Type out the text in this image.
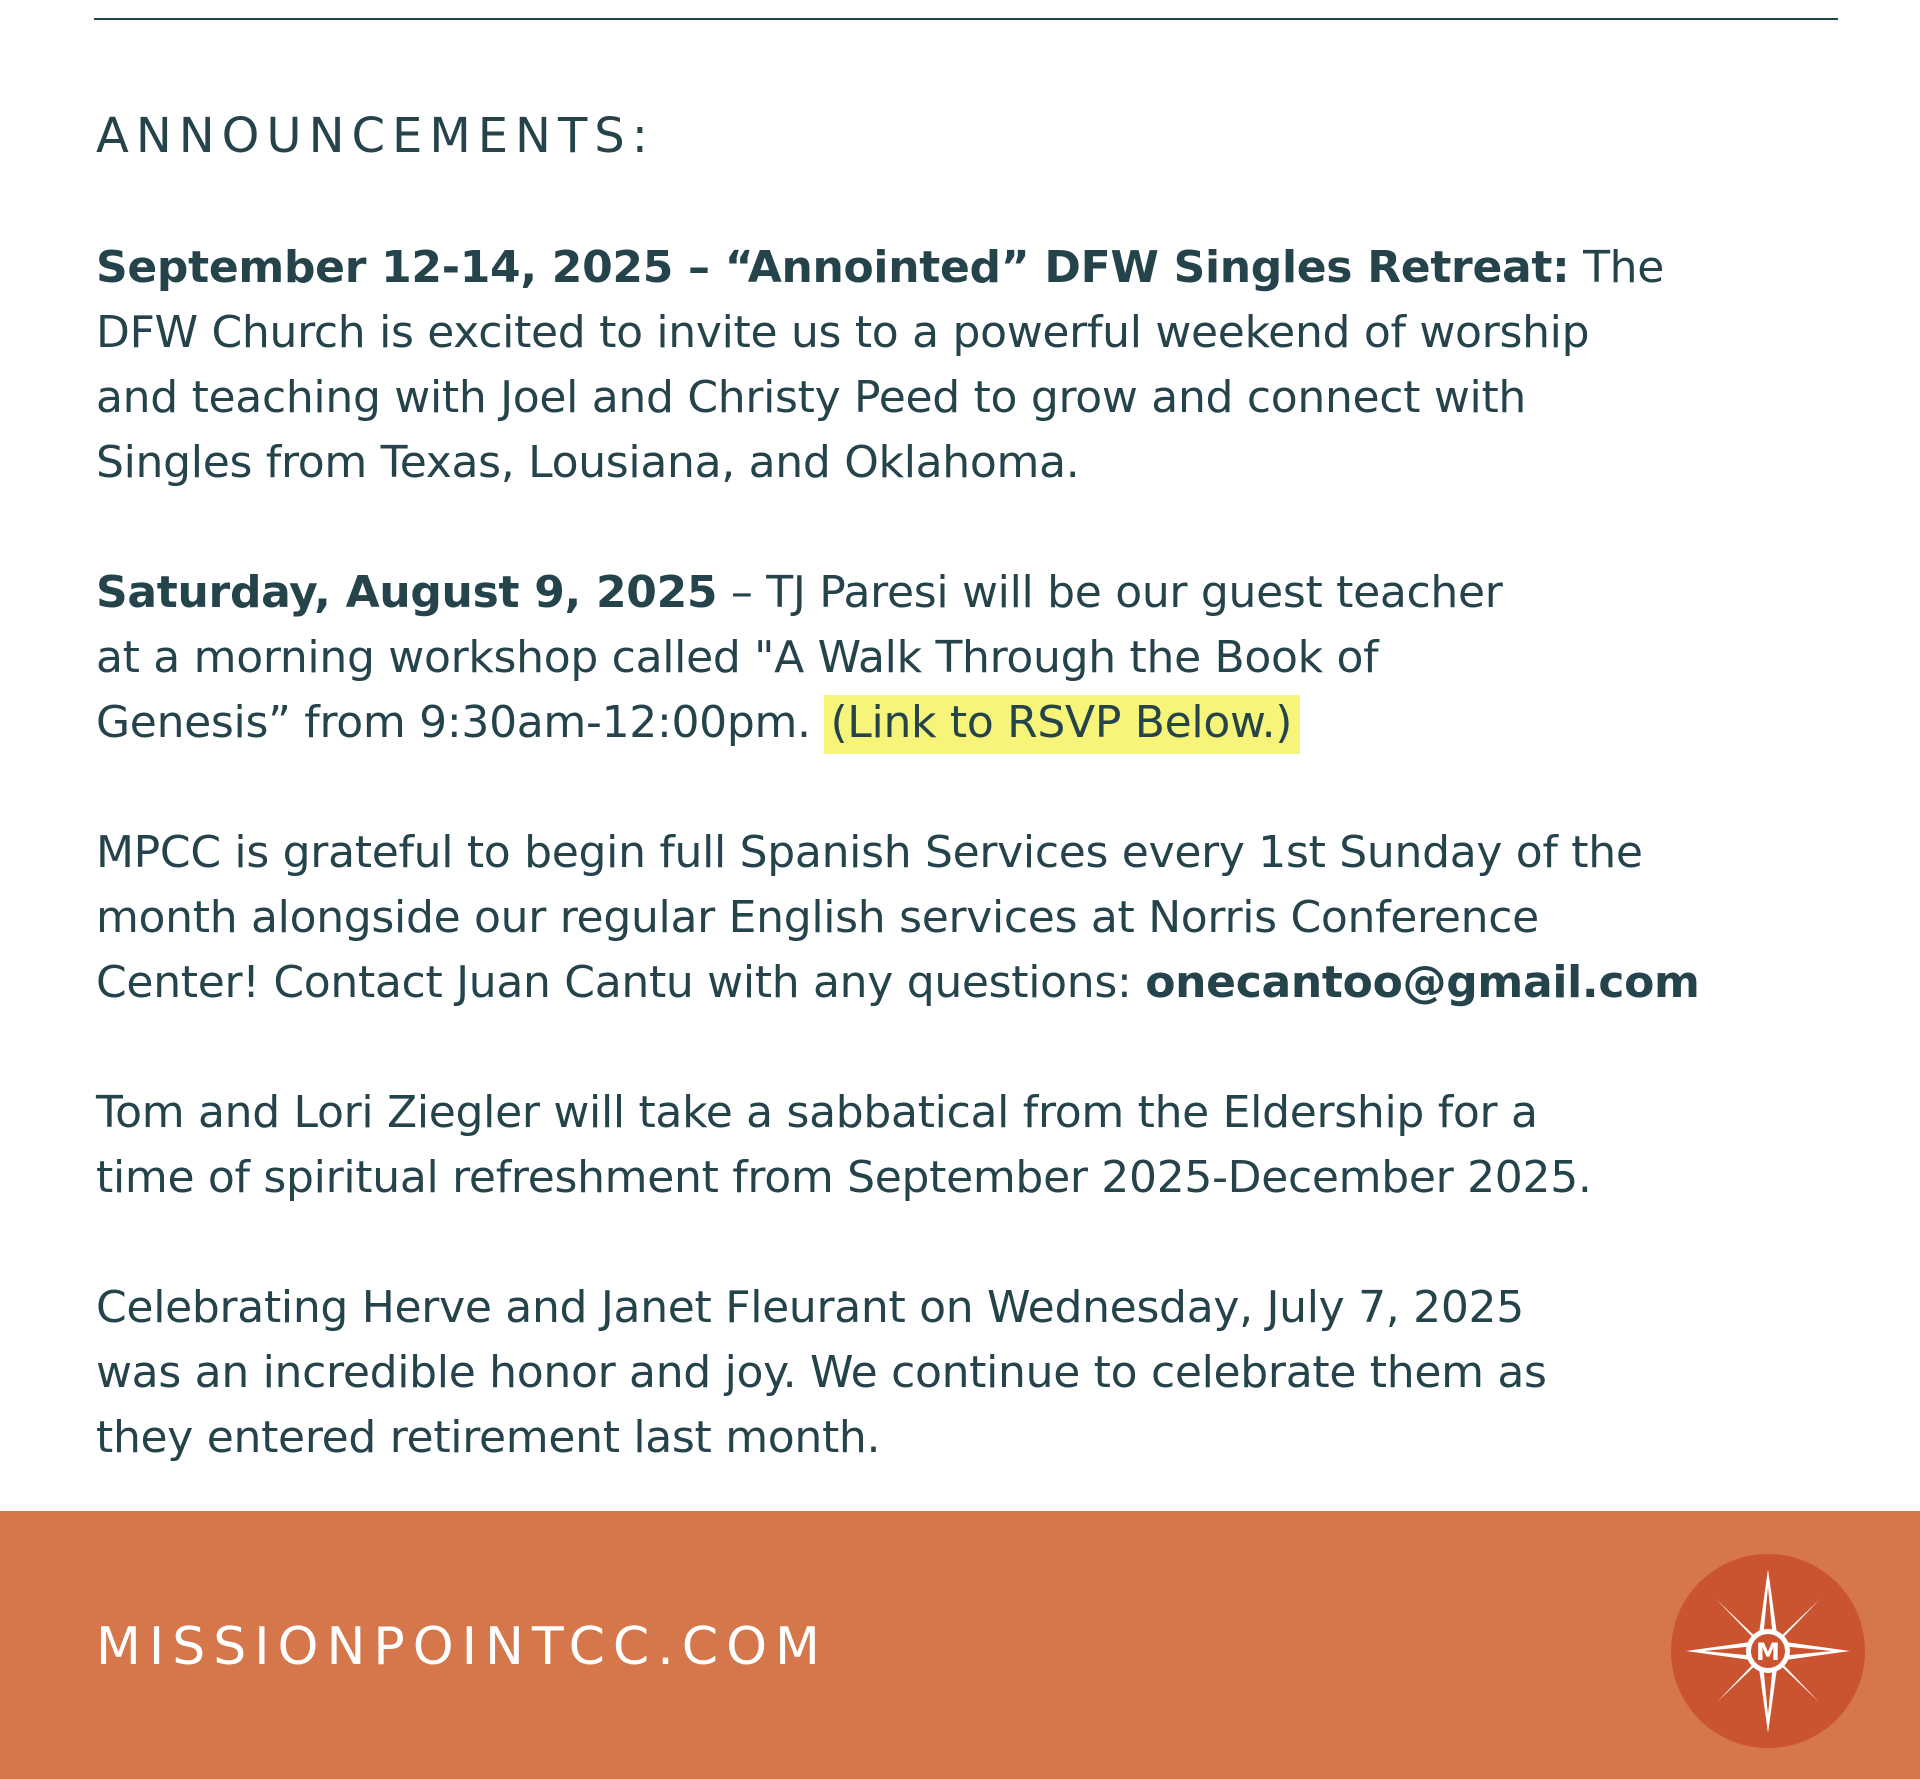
ANNOUNCEMENTS:

September 12-14, 2025 – “Annointed” DFW Singles Retreat: The
DFW Church is excited to invite us to a powerful weekend of worship
and teaching with Joel and Christy Peed to grow and connect with
Singles from Texas, Lousiana, and Oklahoma.

Saturday, August 9, 2025 – TJ Paresi will be our guest teacher
at a morning workshop called "A Walk Through the Book of
Genesis” from 9:30am-12:00pm. (Link to RSVP Below.)

MPCC is grateful to begin full Spanish Services every 1st Sunday of the
month alongside our regular English services at Norris Conference
Center! Contact Juan Cantu with any questions: onecantoo@gmail.com

Tom and Lori Ziegler will take a sabbatical from the Eldership for a
time of spiritual refreshment from September 2025-December 2025.

Celebrating Herve and Janet Fleurant on Wednesday, July 7, 2025
was an incredible honor and joy. We continue to celebrate them as
they entered retirement last month.

MISSIONPOINTCC.COM	M
